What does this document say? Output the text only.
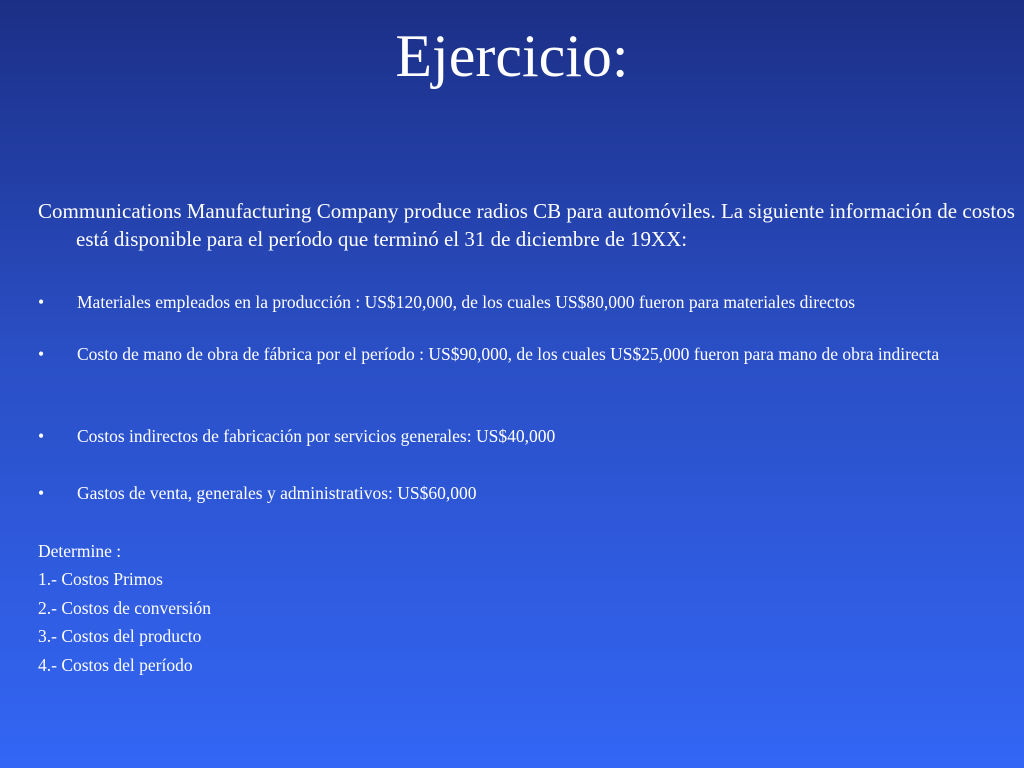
Ejercicio:

Communications Manufacturing Company produce radios CB para automóviles. La siguiente información de costos está disponible para el período que terminó el 31 de diciembre de 19XX:

•	Materiales empleados en la producción : US$120,000, de los cuales US$80,000 fueron para materiales directos
•	Costo de mano de obra de fábrica por el período : US$90,000, de los cuales US$25,000 fueron para mano de obra indirecta
•	Costos indirectos de fabricación por servicios generales: US$40,000
•	Gastos de venta, generales y administrativos: US$60,000

Determine :

1.- Costos Primos

2.- Costos de conversión

3.- Costos del producto

4.- Costos del período
